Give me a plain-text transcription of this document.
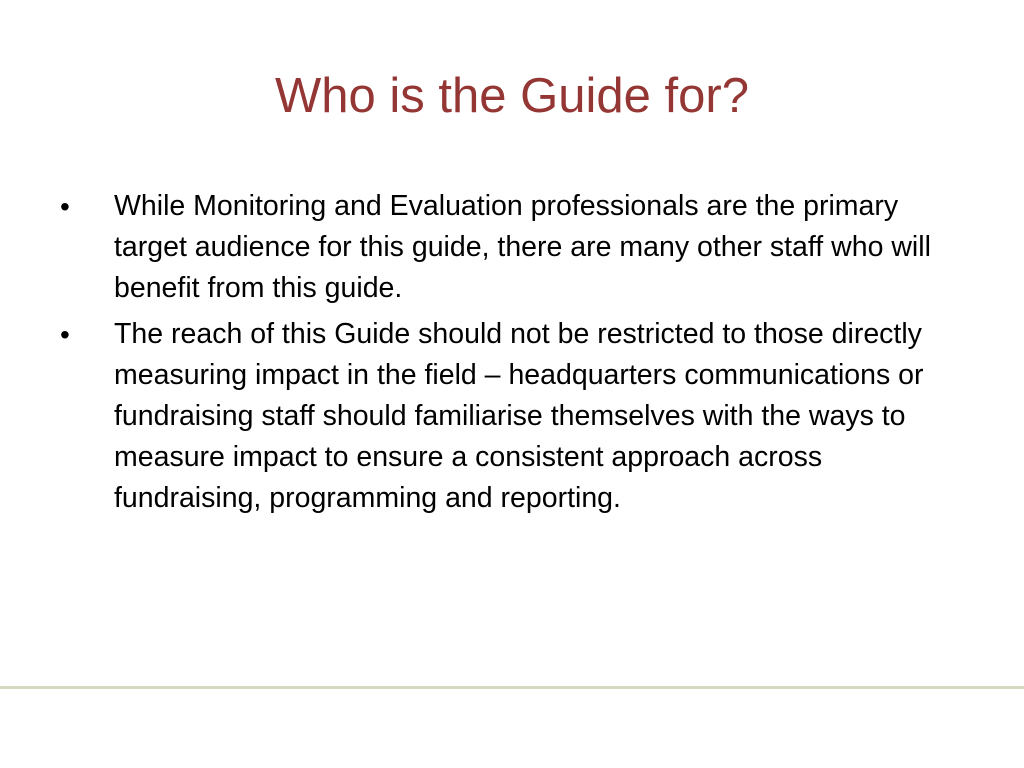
Who is the Guide for?
• While Monitoring and Evaluation professionals are the primary target audience for this guide, there are many other staff who will benefit from this guide.
• The reach of this Guide should not be restricted to those directly measuring impact in the field – headquarters communications or fundraising staff should familiarise themselves with the ways to measure impact to ensure a consistent approach across fundraising, programming and reporting.
